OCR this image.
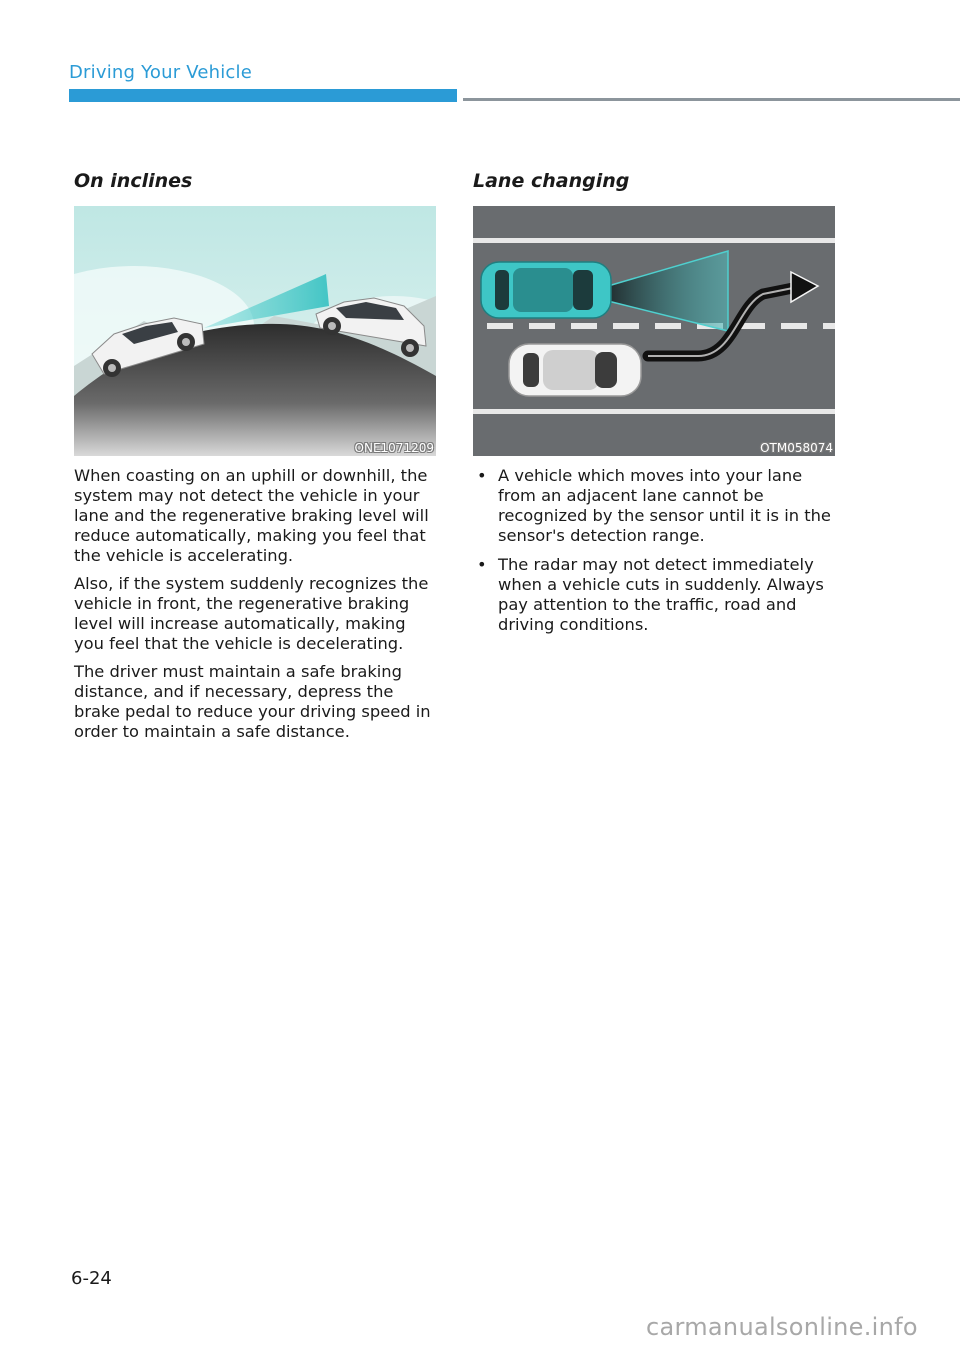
Driving Your Vehicle
On inclines
ONE1071209

When coasting on an uphill or downhill, the system may not detect the vehicle in your lane and the regenerative braking level will reduce automatically, making you feel that the vehicle is accelerating.

Also, if the system suddenly recognizes the vehicle in front, the regenerative braking level will increase automatically, making you feel that the vehicle is decelerating.

The driver must maintain a safe braking distance, and if necessary, depress the brake pedal to reduce your driving speed in order to maintain a safe distance.

Lane changing
OTM058074
• A vehicle which moves into your lane from an adjacent lane cannot be recognized by the sensor until it is in the sensor's detection range.
• The radar may not detect immediately when a vehicle cuts in suddenly. Always pay attention to the traffic, road and driving conditions.
6-24
carmanualsonline.info
